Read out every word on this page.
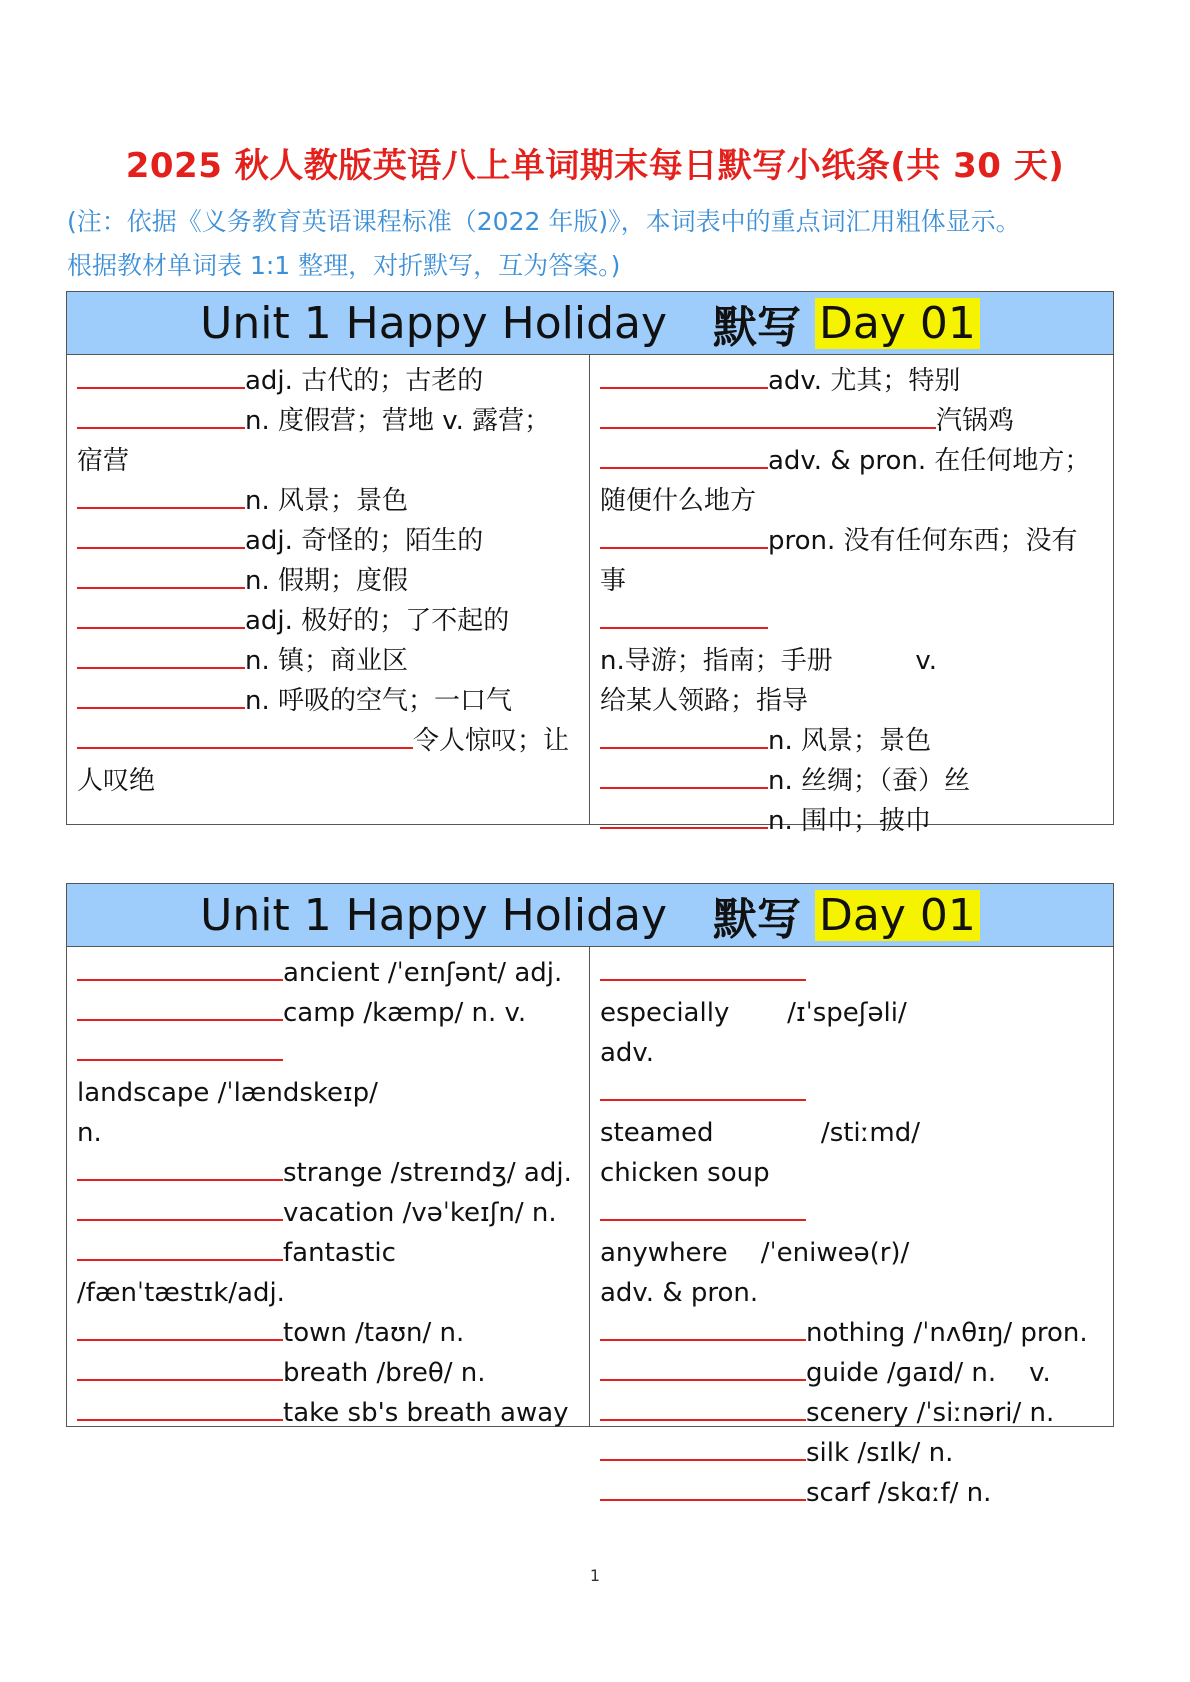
2025 秋人教版英语八上单词期末每日默写小纸条(共 30 天)
(注：依据《义务教育英语课程标准（2022 年版)》，本词表中的重点词汇用粗体显示。
根据教材单词表 1:1 整理，对折默写，互为答案。)
Unit 1 Happy Holiday 默写 Day 01
adj. 古代的；古老的
n. 度假营；营地 v. 露营；
宿营
n. 风景；景色
adj. 奇怪的；陌生的
n. 假期；度假
adj. 极好的；了不起的
n. 镇；商业区
n. 呼吸的空气；一口气
令人惊叹；让
人叹绝
adv. 尤其；特别
汽锅鸡
adv. & pron. 在任何地方；
随便什么地方
pron. 没有任何东西；没有
事
n.导游；指南；手册          v.
给某人领路；指导
n. 风景；景色
n. 丝绸；（蚕）丝
n. 围巾；披巾
Unit 1 Happy Holiday 默写 Day 01
ancient /ˈeɪnʃənt/ adj.
camp /kæmp/ n. v.
landscape /ˈlændskeɪp/
n.
strange /streɪndʒ/ adj.
vacation /vəˈkeɪʃn/ n.
fantastic
/fænˈtæstɪk/adj.
town /taʊn/ n.
breath /breθ/ n.
take sb's breath away
especially       /ɪˈspeʃəli/
adv.
steamed             /stiːmd/
chicken soup
anywhere    /ˈeniweə(r)/
adv. & pron.
nothing /ˈnʌθɪŋ/ pron.
guide /ɡaɪd/ n.    v.
scenery /ˈsiːnəri/ n.
silk /sɪlk/ n.
scarf /skɑːf/ n.
1
